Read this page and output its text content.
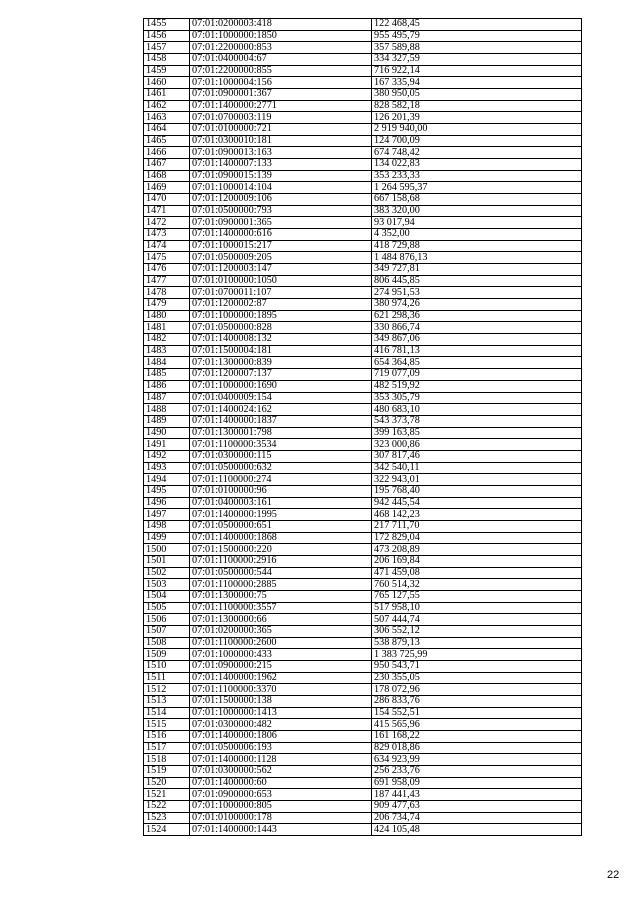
1455	07:01:0200003:418	122 468,45
1456	07:01:1000000:1850	955 495,79
1457	07:01:2200000:853	357 589,88
1458	07:01:0400004:67	334 327,59
1459	07:01:2200000:855	716 922,14
1460	07:01:1000004:156	167 335,94
1461	07:01:0900001:367	380 950,05
1462	07:01:1400000:2771	828 582,18
1463	07:01:0700003:119	126 201,39
1464	07:01:0100000:721	2 919 940,00
1465	07:01:0300010:181	124 700,09
1466	07:01:0900013:163	674 748,42
1467	07:01:1400007:133	134 022,83
1468	07:01:0900015:139	353 233,33
1469	07:01:1000014:104	1 264 595,37
1470	07:01:1200009:106	667 158,68
1471	07:01:0500000:793	383 320,00
1472	07:01:0900001:365	93 017,94
1473	07:01:1400000:616	4 352,00
1474	07:01:1000015:217	418 729,88
1475	07:01:0500009:205	1 484 876,13
1476	07:01:1200003:147	349 727,81
1477	07:01:0100000:1050	806 445,85
1478	07:01:0700011:107	274 951,53
1479	07:01:1200002:87	380 974,26
1480	07:01:1000000:1895	621 298,36
1481	07:01:0500000:828	330 866,74
1482	07:01:1400008:132	349 867,06
1483	07:01:1500004:181	416 781,13
1484	07:01:1300000:839	654 364,85
1485	07:01:1200007:137	719 077,09
1486	07:01:1000000:1690	482 519,92
1487	07:01:0400009:154	353 305,79
1488	07:01:1400024:162	480 683,10
1489	07:01:1400000:1837	543 373,78
1490	07:01:1300001:798	399 163,85
1491	07:01:1100000:3534	323 000,86
1492	07:01:0300000:115	307 817,46
1493	07:01:0500000:632	342 540,11
1494	07:01:1100000:274	322 943,01
1495	07:01:0100000:96	195 768,40
1496	07:01:0400003:161	942 445,54
1497	07:01:1400000:1995	468 142,23
1498	07:01:0500000:651	217 711,70
1499	07:01:1400000:1868	172 829,04
1500	07:01:1500000:220	473 208,89
1501	07:01:1100000:2916	206 169,84
1502	07:01:0500000:544	471 459,08
1503	07:01:1100000:2885	760 514,32
1504	07:01:1300000:75	765 127,55
1505	07:01:1100000:3557	517 958,10
1506	07:01:1300000:66	507 444,74
1507	07:01:0200000:365	306 552,12
1508	07:01:1100000:2600	538 879,13
1509	07:01:1000000:433	1 383 725,99
1510	07:01:0900000:215	950 543,71
1511	07:01:1400000:1962	230 355,05
1512	07:01:1100000:3370	178 072,96
1513	07:01:1500000:138	286 833,76
1514	07:01:1000000:1413	154 552,51
1515	07:01:0300000:482	415 565,96
1516	07:01:1400000:1806	161 168,22
1517	07:01:0500006:193	829 018,86
1518	07:01:1400000:1128	634 923,99
1519	07:01:0300000:562	256 233,76
1520	07:01:1400000:60	691 958,09
1521	07:01:0900000:653	187 441,43
1522	07:01:1000000:805	909 477,63
1523	07:01:0100000:178	206 734,74
1524	07:01:1400000:1443	424 105,48
22
